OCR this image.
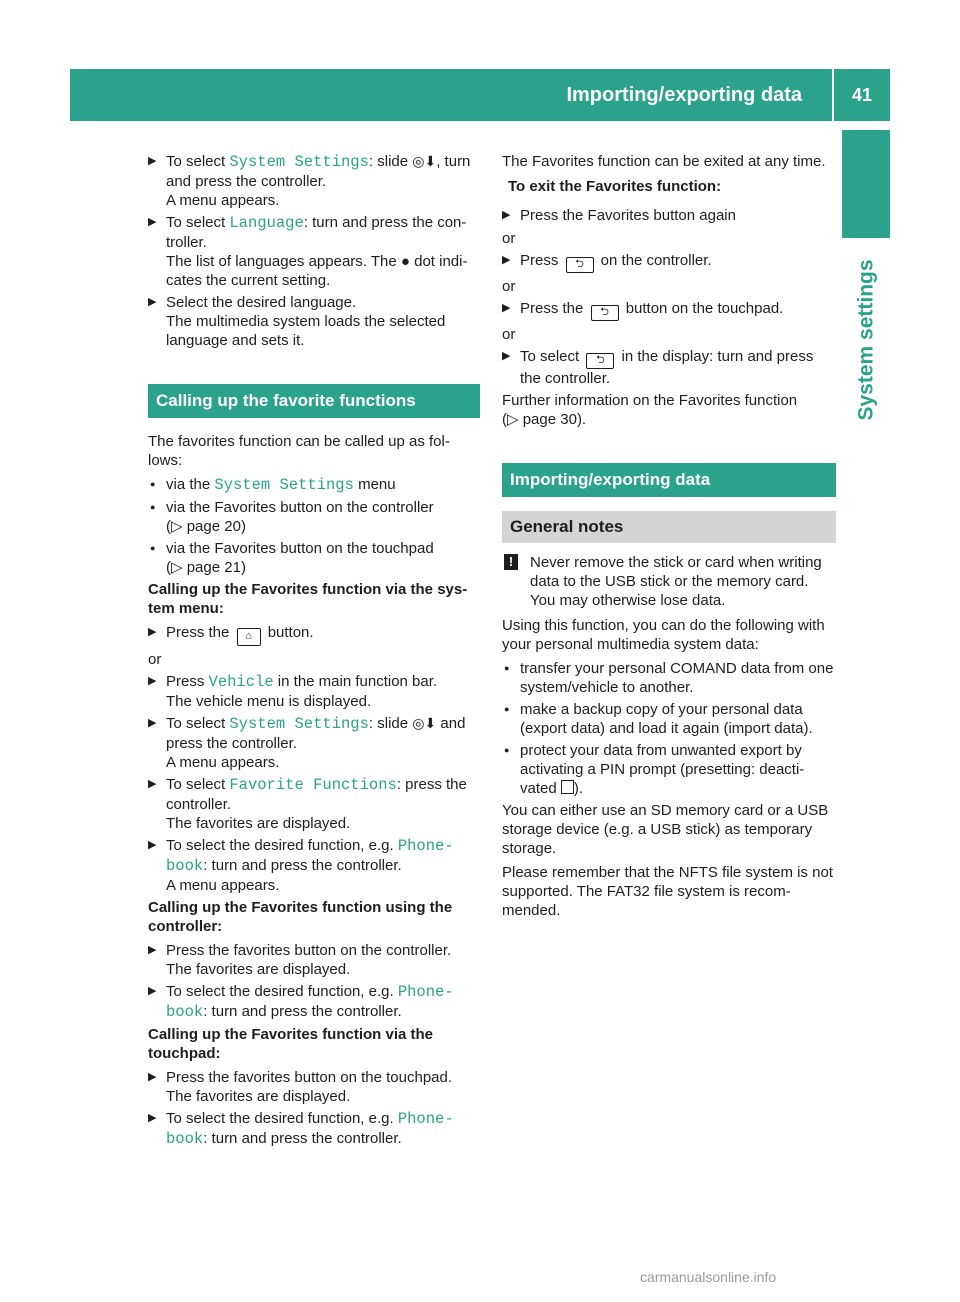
Importing/exporting data	41
System settings
▶ To select System Settings: slide ◎⬇, turn and press the controller.
A menu appears.
▶ To select Language: turn and press the con- troller.
The list of languages appears. The ● dot indi- cates the current setting.
▶ Select the desired language.
The multimedia system loads the selected language and sets it.
Calling up the favorite functions

The favorites function can be called up as fol- lows:

● via the System Settings menu
● via the Favorites button on the controller
(▷ page 20)
● via the Favorites button on the touchpad
(▷ page 21)

Calling up the Favorites function via the sys- tem menu:

▶ Press the ⌂ button.

or

▶ Press Vehicle in the main function bar.
The vehicle menu is displayed.
▶ To select System Settings: slide ◎⬇ and press the controller.
A menu appears.
▶ To select Favorite Functions: press the controller.
The favorites are displayed.
▶ To select the desired function, e.g. Phone‐ book: turn and press the controller.
A menu appears.

Calling up the Favorites function using the controller:

▶ Press the favorites button on the controller.
The favorites are displayed.
▶ To select the desired function, e.g. Phone‐ book: turn and press the controller.

Calling up the Favorites function via the touchpad:

▶ Press the favorites button on the touchpad.
The favorites are displayed.
▶ To select the desired function, e.g. Phone‐ book: turn and press the controller.

The Favorites function can be exited at any time.

To exit the Favorites function:

▶ Press the Favorites button again

or

▶ Press ⮌ on the controller.

or

▶ Press the ⮌ button on the touchpad.

or

▶ To select ⮌ in the display: turn and press the controller.

Further information on the Favorites function
(▷ page 30).

Importing/exporting data
General notes
!	Never remove the stick or card when writing data to the USB stick or the memory card. You may otherwise lose data.

Using this function, you can do the following with your personal multimedia system data:

● transfer your personal COMAND data from one system/vehicle to another.
● make a backup copy of your personal data (export data) and load it again (import data).
● protect your data from unwanted export by activating a PIN prompt (presetting: deacti- vated ).

You can either use an SD memory card or a USB storage device (e.g. a USB stick) as temporary storage.

Please remember that the NFTS file system is not supported. The FAT32 file system is recom- mended.

carmanualsonline.info
